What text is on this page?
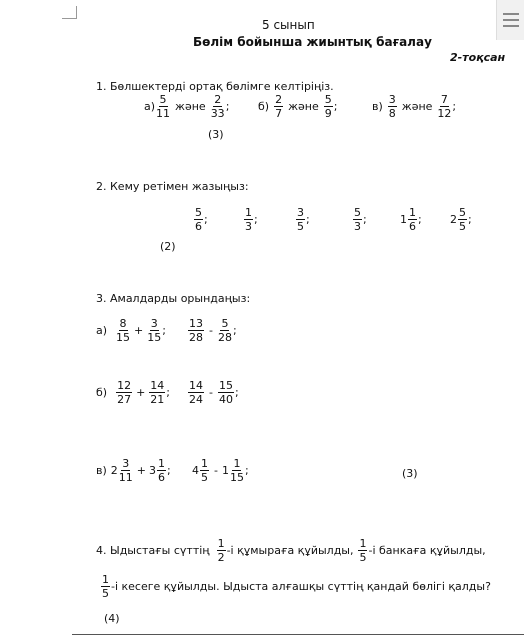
5 сынып
Бөлім бойынша жиынтық бағалау
2-тоқсан
1. Бөлшектерді ортақ бөлімге келтіріңіз.
$а) \frac{5}{11}$ және $\frac{2}{33}$ ;	$б) \frac{2}{7}$ және $\frac{5}{9}$ ;	$в) \frac{3}{8}$ және $\frac{7}{12}$ ;
(3)
2. Кему ретімен жазыңыз:
$\frac{5}{6}$ ;	$\frac{1}{3}$ ;	$\frac{3}{5}$ ;	$\frac{5}{3}$ ;	$1 \frac{1}{6}$ ;	$2 \frac{5}{5}$ ;
(2)
3. Амалдарды орындаңыз:
$а) \frac{8}{15} + \frac{3}{15}$ ; $\frac{13}{28} - \frac{5}{28}$ ;
$б) \frac{12}{27} + \frac{14}{21}$ ; $\frac{14}{24} - \frac{15}{40}$ ;
в) $2 \frac{3}{11} + 3 \frac{1}{6}$ ; $4 \frac{1}{5} - 1 \frac{1}{15}$ ;	(3)
4. Ыдыстағы сүттің $\frac{1}{2} -і$ құмыраға құйылды, $\frac{1}{5} -і$ банкаға құйылды,
$\frac{1}{5} -і$ кесеге құйылды. Ыдыста алғашқы сүттің қандай бөлігі қалды?
(4)
